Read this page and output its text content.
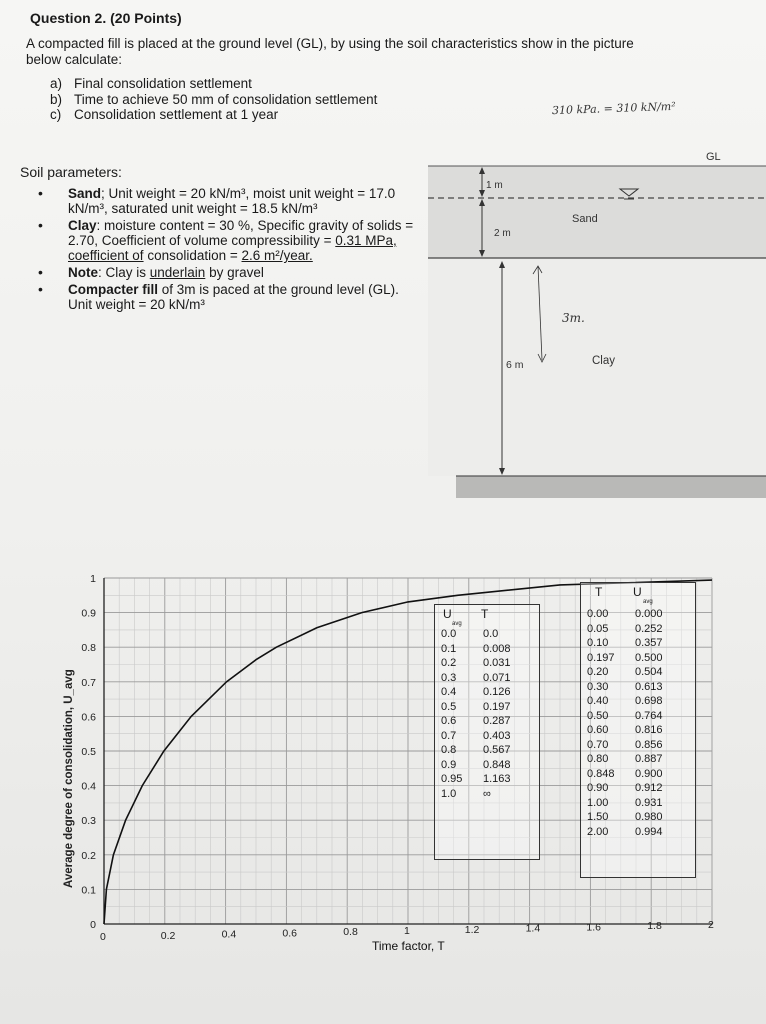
Question 2. (20 Points)
A compacted fill is placed at the ground level (GL), by using the soil characteristics show in the picture below calculate:
a) Final consolidation settlement
b) Time to achieve 50 mm of consolidation settlement
c) Consolidation settlement at 1 year	310 kPa. = 310 kN/m²
Soil parameters:
• Sand; Unit weight = 20 kN/m³, moist unit weight = 17.0 kN/m³, saturated unit weight = 18.5 kN/m³
• Clay: moisture content = 30 %, Specific gravity of solids = 2.70, Coefficient of volume compressibility = 0.31 MPa, coefficient of consolidation = 2.6 m²/year.
• Note: Clay is underlain by gravel
• Compacter fill of 3m is paced at the ground level (GL). Unit weight = 20 kN/m³
GL
Sand
Clay
1 m
2 m
6 m
3m.
0	0.2	0.4	0.6	0.8	1	1.2	1.4	1.6	1.8	2
0
0.1
0.2
0.3
0.4
0.5
0.6
0.7
0.8
0.9
1
Time factor, T
Average degree of consolidation, U_avg
U
avg
T
0.0	0.0
0.1	0.008
0.2	0.031
0.3	0.071
0.4	0.126
0.5	0.197
0.6	0.287
0.7	0.403
0.8	0.567
0.9	0.848
0.95	1.163
1.0	∞
T	U
avg
0.00	0.000
0.05	0.252
0.10	0.357
0.197	0.500
0.20	0.504
0.30	0.613
0.40	0.698
0.50	0.764
0.60	0.816
0.70	0.856
0.80	0.887
0.848	0.900
0.90	0.912
1.00	0.931
1.50	0.980
2.00	0.994
